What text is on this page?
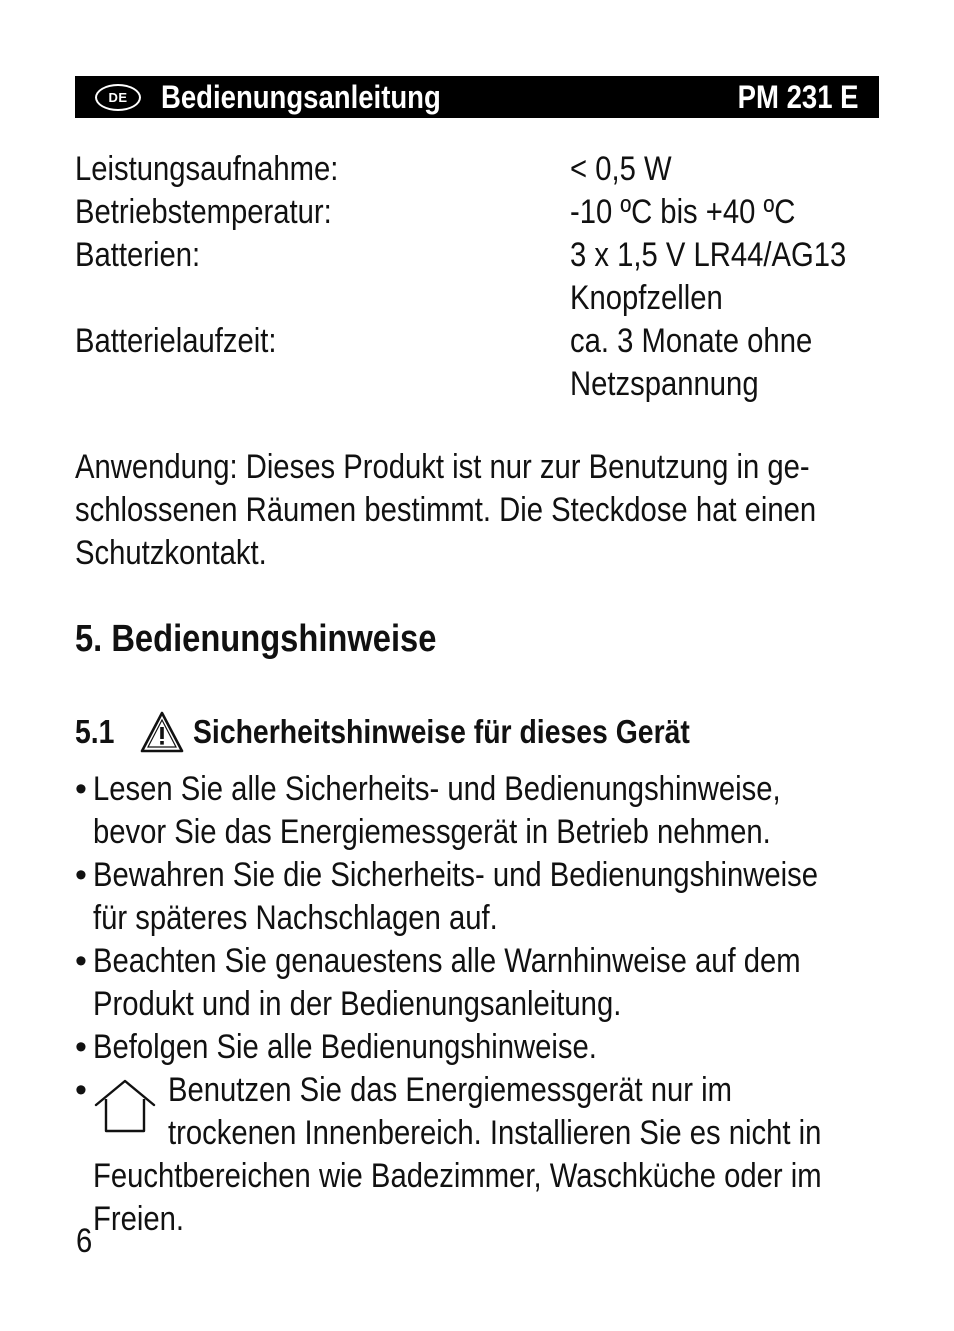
DE	Bedienungsanleitung	PM 231 E
Leistungsaufnahme:	< 0,5 W
Betriebstemperatur:	-10 ºC bis +40 ºC
Batterien:	3 x 1,5 V LR44/AG13
Knopfzellen
Batterielaufzeit:	ca. 3 Monate ohne
Netzspannung
Anwendung: Dieses Produkt ist nur zur Benutzung in ge-
schlossenen Räumen bestimmt. Die Steckdose hat einen
Schutzkontakt.
5. Bedienungshinweise
5.1 Sicherheitshinweise für dieses Gerät
• Lesen Sie alle Sicherheits- und Bedienungshinweise,
bevor Sie das Energiemessgerät in Betrieb nehmen.
• Bewahren Sie die Sicherheits- und Bedienungshinweise
für späteres Nachschlagen auf.
• Beachten Sie genauestens alle Warnhinweise auf dem
Produkt und in der Bedienungsanleitung.
• Befolgen Sie alle Bedienungshinweise.
• Benutzen Sie das Energiemessgerät nur im
trockenen Innenbereich. Installieren Sie es nicht in
Feuchtbereichen wie Badezimmer, Waschküche oder im
Freien.
6
